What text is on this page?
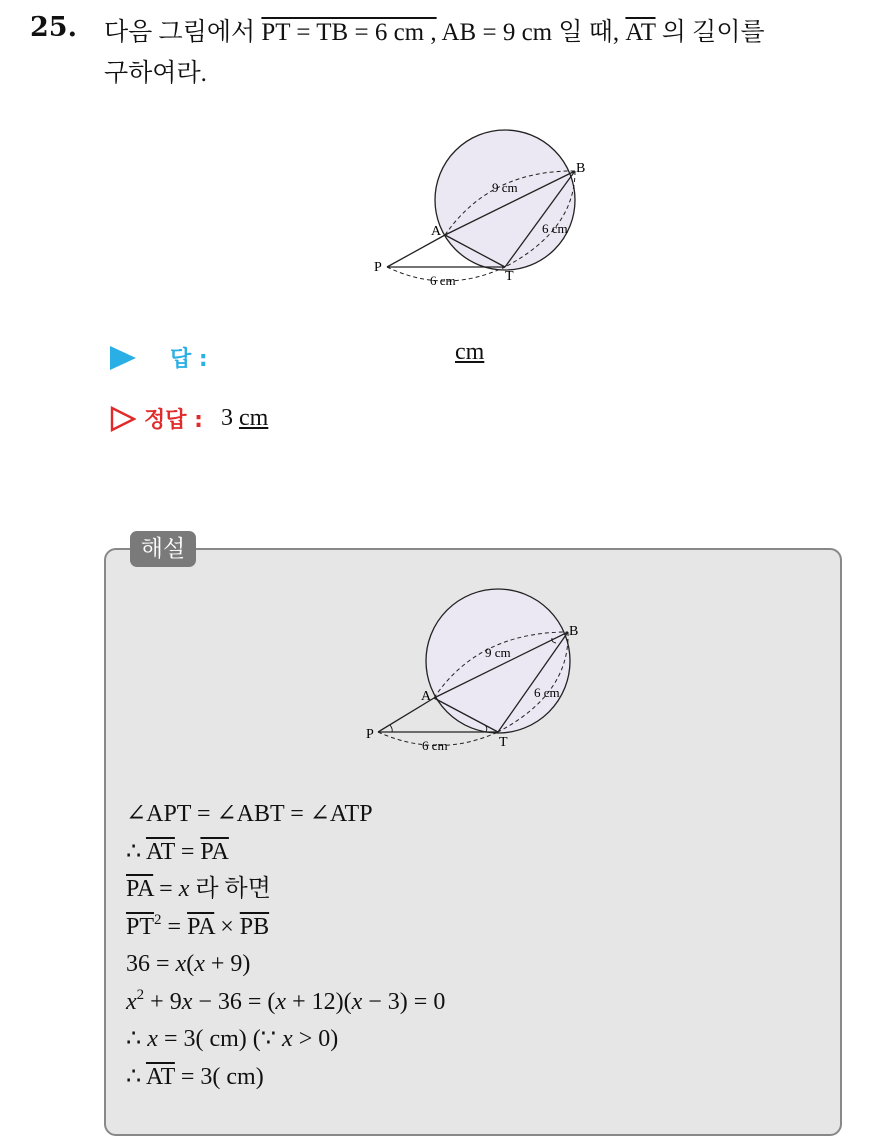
25. 다음 그림에서 PT = TB = 6 cm , AB = 9 cm 일 때, $\overline{AT}$ 의 길이를
구하여라.
B
A
P
T
9 cm
6 cm
6 cm
답 :	cm
정답 : 3 cm
해설
B
A
P
T
9 cm
6 cm
6 cm
∠APT = ∠ABT = ∠ATP
∴ $\overline{AT} = \overline{PA}$
$\overline{PA} = x$ 라 하면
$\overline{PT}^2 = \overline{PA} \times \overline{PB}$
36 = x(x + 9)
$x^2 + 9x - 36 = (x + 12)(x - 3) = 0$
∴ x = 3( cm) (∵ x > 0)
∴ $\overline{AT} = 3$( cm)
